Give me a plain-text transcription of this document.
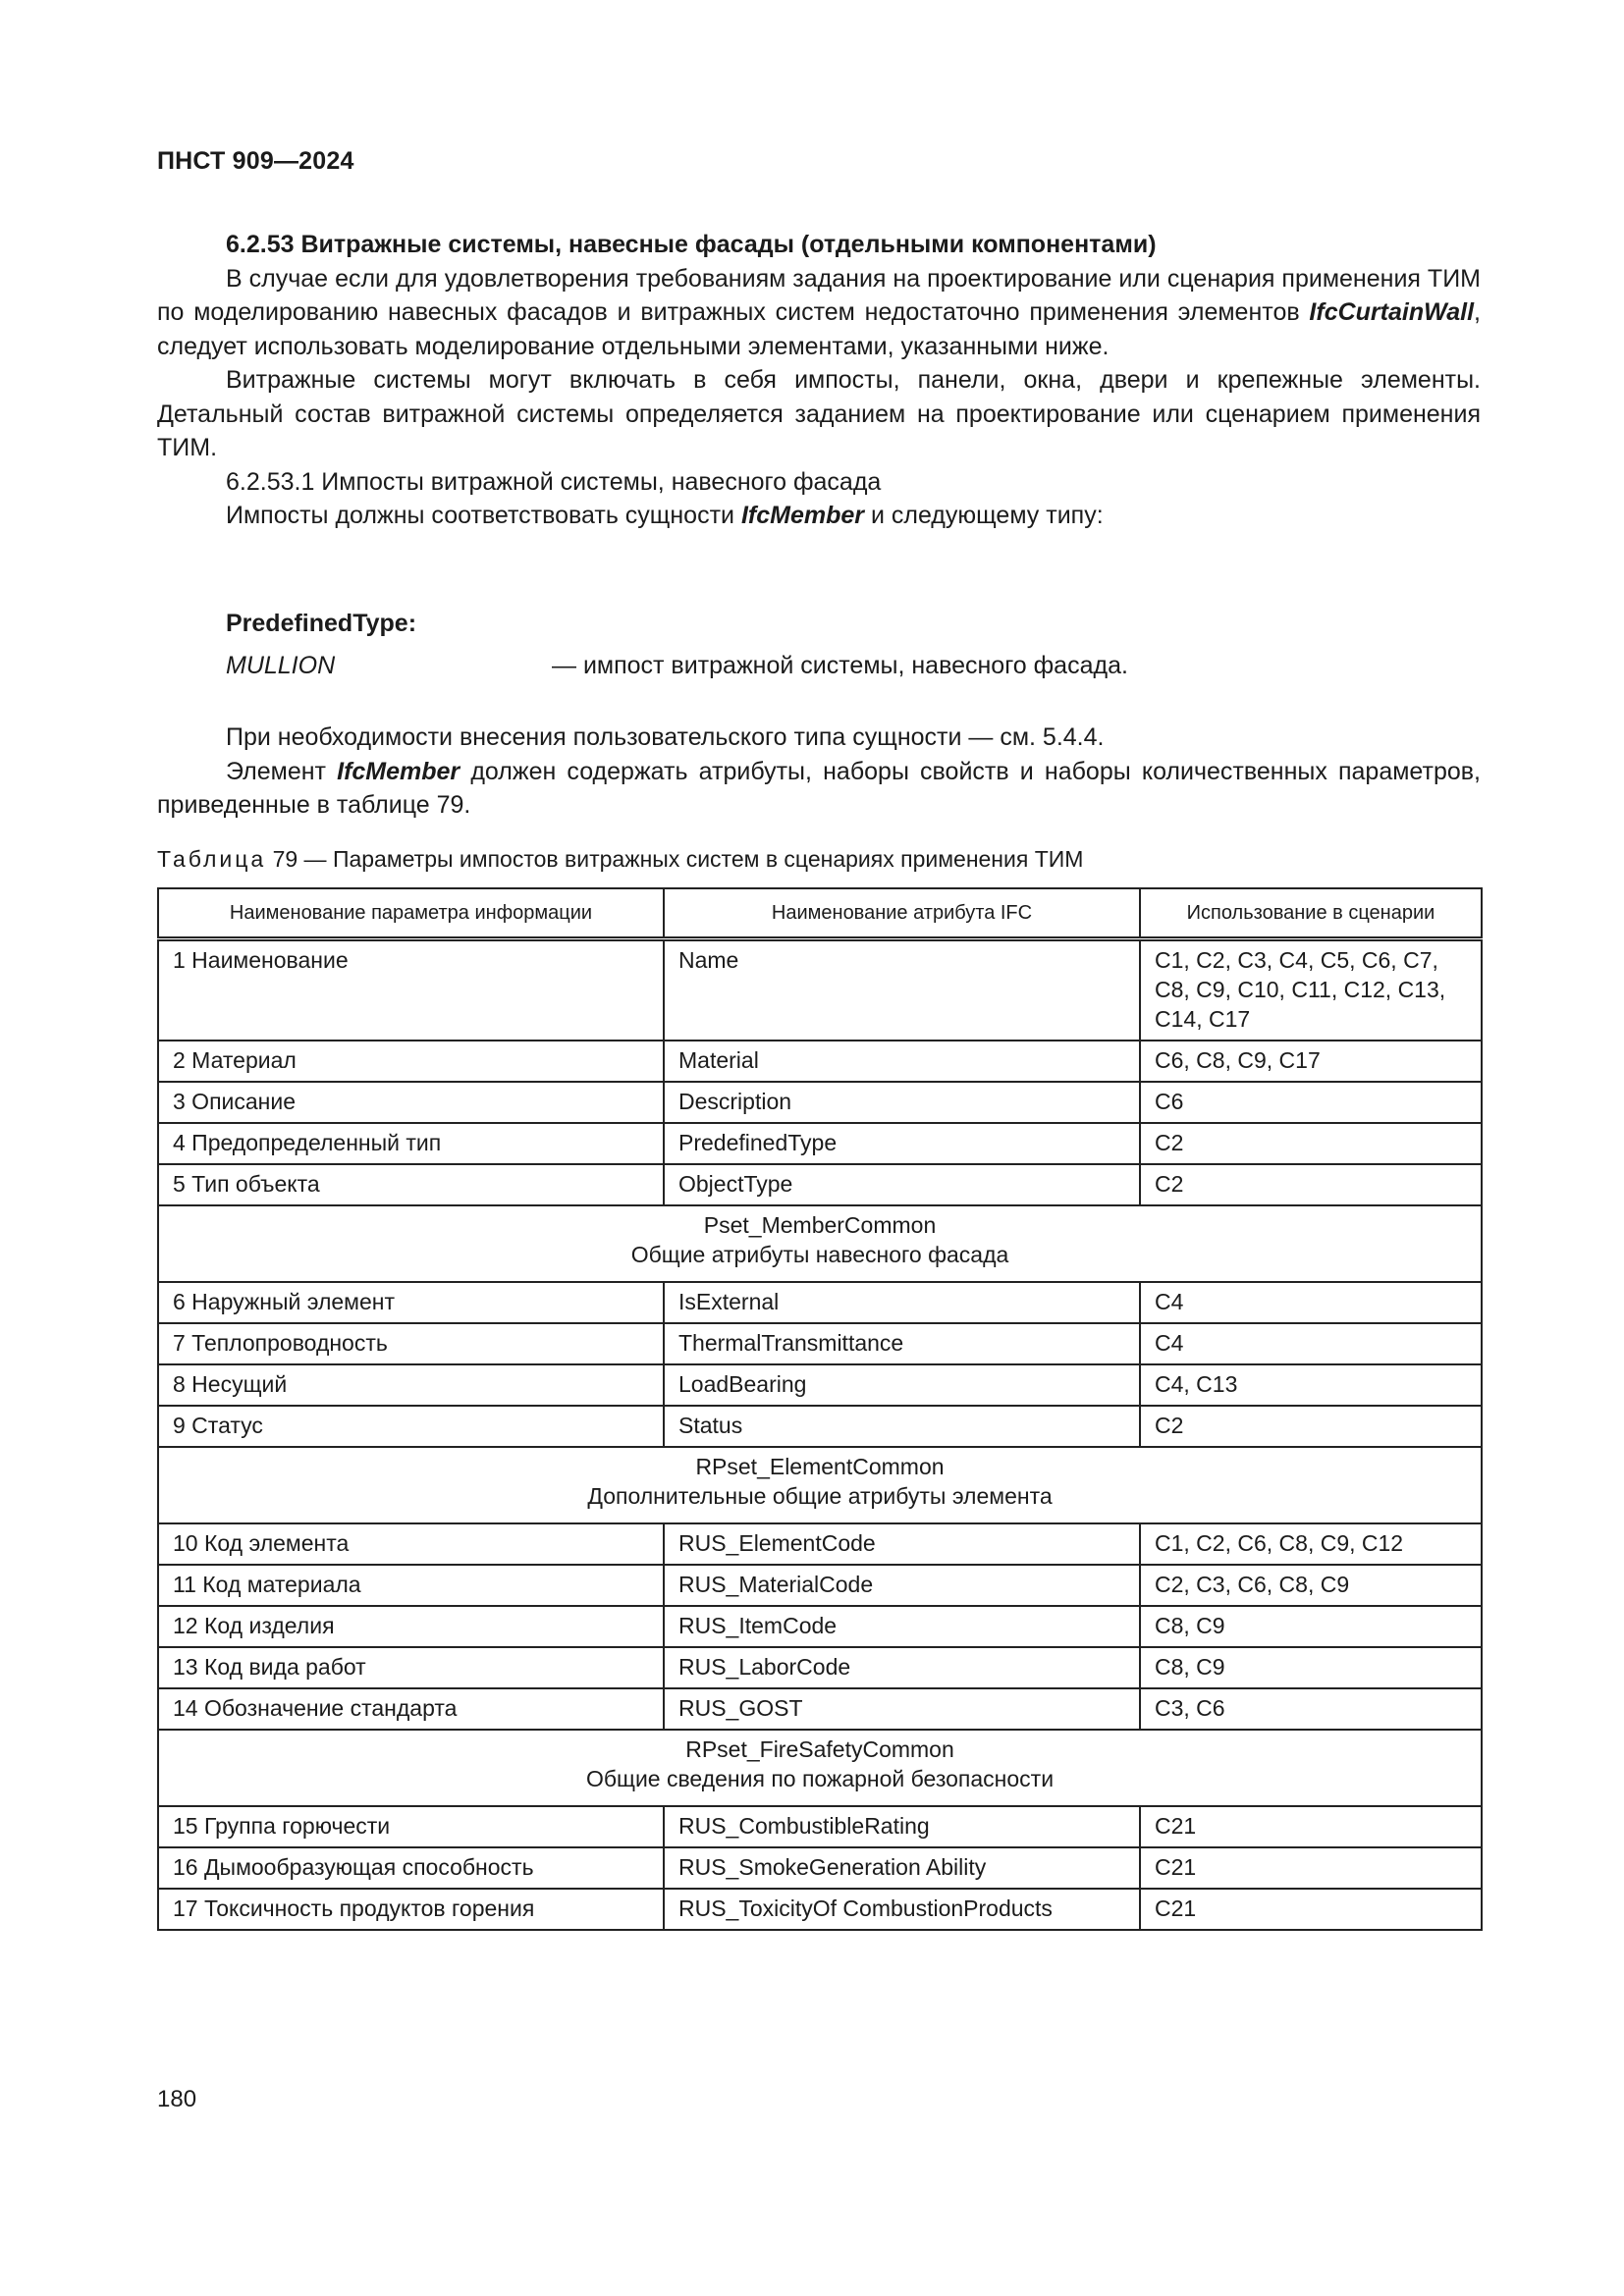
ПНСТ 909—2024

6.2.53 Витражные системы, навесные фасады (отдельными компонентами)

В случае если для удовлетворения требованиям задания на проектирование или сценария применения ТИМ по моделированию навесных фасадов и витражных систем недостаточно применения элементов IfcCurtainWall, следует использовать моделирование отдельными элементами, указанными ниже.

Витражные системы могут включать в себя импосты, панели, окна, двери и крепежные элементы. Детальный состав витражной системы определяется заданием на проектирование или сценарием применения ТИМ.

6.2.53.1 Импосты витражной системы, навесного фасада

Импосты должны соответствовать сущности IfcMember и следующему типу:

PredefinedType:
MULLION	— импост витражной системы, навесного фасада.

При необходимости внесения пользовательского типа сущности — см. 5.4.4.

Элемент IfcMember должен содержать атрибуты, наборы свойств и наборы количественных параметров, приведенные в таблице 79.

Таблица 79 — Параметры импостов витражных систем в сценариях применения ТИМ
Наименование параметра информации	Наименование атрибута IFC	Использование в сценарии
1 Наименование	Name	C1, C2, C3, C4, C5, C6, C7, C8, C9, C10, C11, C12, C13, C14, C17
2 Материал	Material	C6, C8, C9, C17
3 Описание	Description	C6
4 Предопределенный тип	PredefinedType	C2
5 Тип объекта	ObjectType	C2

Pset_MemberCommon
Общие атрибуты навесного фасада		

6 Наружный элемент	IsExternal	C4
7 Теплопроводность	ThermalTransmittance	C4
8 Несущий	LoadBearing	C4, C13
9 Статус	Status	C2

RPset_ElementCommon
Дополнительные общие атрибуты элемента		

10 Код элемента	RUS_ElementCode	C1, C2, C6, C8, C9, C12
11 Код материала	RUS_MaterialCode	C2, C3, C6, C8, C9
12 Код изделия	RUS_ItemCode	C8, C9
13 Код вида работ	RUS_LaborCode	C8, C9
14 Обозначение стандарта	RUS_GOST	C3, C6

RPset_FireSafetyCommon
Общие сведения по пожарной безопасности		

15 Группа горючести	RUS_CombustibleRating	C21
16 Дымообразующая способность	RUS_SmokeGeneration Ability	C21
17 Токсичность продуктов горения	RUS_ToxicityOf CombustionProducts	C21
180
